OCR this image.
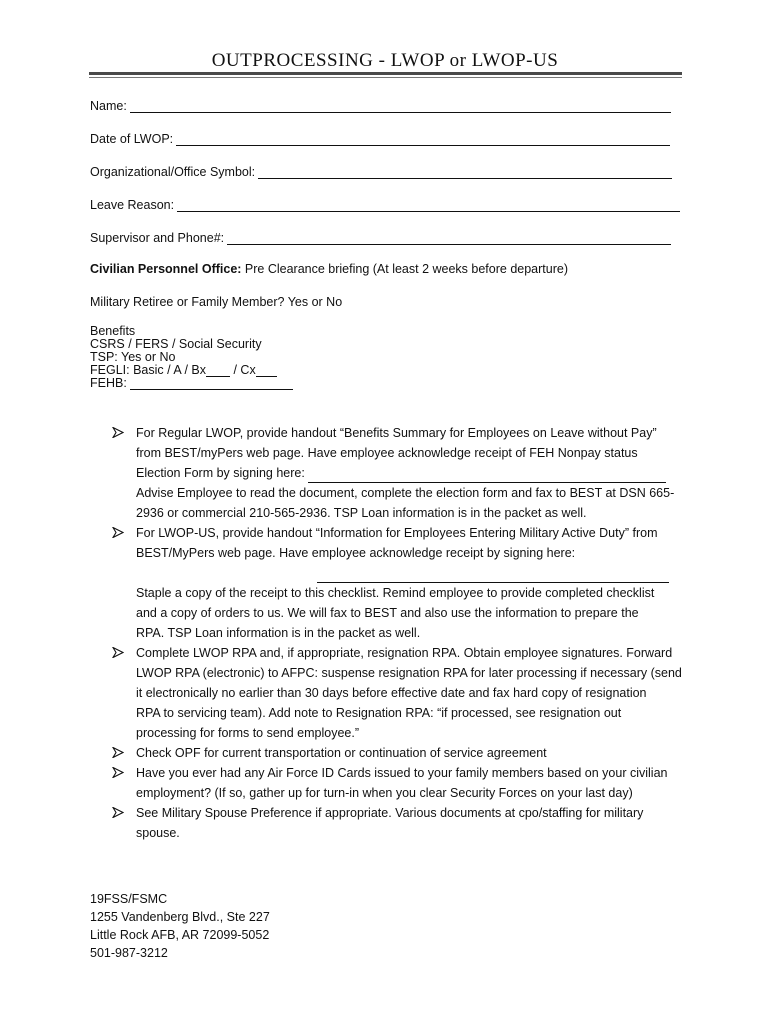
OUTPROCESSING - LWOP or LWOP-US
Name:
Date of LWOP:
Organizational/Office Symbol:
Leave Reason:
Supervisor and Phone#:
Civilian Personnel Office: Pre Clearance briefing (At least 2 weeks before departure)
Military Retiree or Family Member? Yes or No
Benefits
CSRS / FERS / Social Security
TSP: Yes or No
FEGLI: Basic / A / Bx / Cx
FEHB:
For Regular LWOP, provide handout “Benefits Summary for Employees on Leave without Pay”
from BEST/myPers web page. Have employee acknowledge receipt of FEH Nonpay status
Election Form by signing here:
Advise Employee to read the document, complete the election form and fax to BEST at DSN 665-
2936 or commercial 210-565-2936. TSP Loan information is in the packet as well.
For LWOP-US, provide handout “Information for Employees Entering Military Active Duty” from
BEST/MyPers web page. Have employee acknowledge receipt by signing here:
Staple a copy of the receipt to this checklist. Remind employee to provide completed checklist
and a copy of orders to us. We will fax to BEST and also use the information to prepare the
RPA. TSP Loan information is in the packet as well.
Complete LWOP RPA and, if appropriate, resignation RPA. Obtain employee signatures. Forward
LWOP RPA (electronic) to AFPC: suspense resignation RPA for later processing if necessary (send
it electronically no earlier than 30 days before effective date and fax hard copy of resignation
RPA to servicing team). Add note to Resignation RPA: “if processed, see resignation out
processing for forms to send employee.”
Check OPF for current transportation or continuation of service agreement
Have you ever had any Air Force ID Cards issued to your family members based on your civilian
employment? (If so, gather up for turn-in when you clear Security Forces on your last day)
See Military Spouse Preference if appropriate. Various documents at cpo/staffing for military
spouse.
19FSS/FSMC
1255 Vandenberg Blvd., Ste 227
Little Rock AFB, AR 72099-5052
501-987-3212
